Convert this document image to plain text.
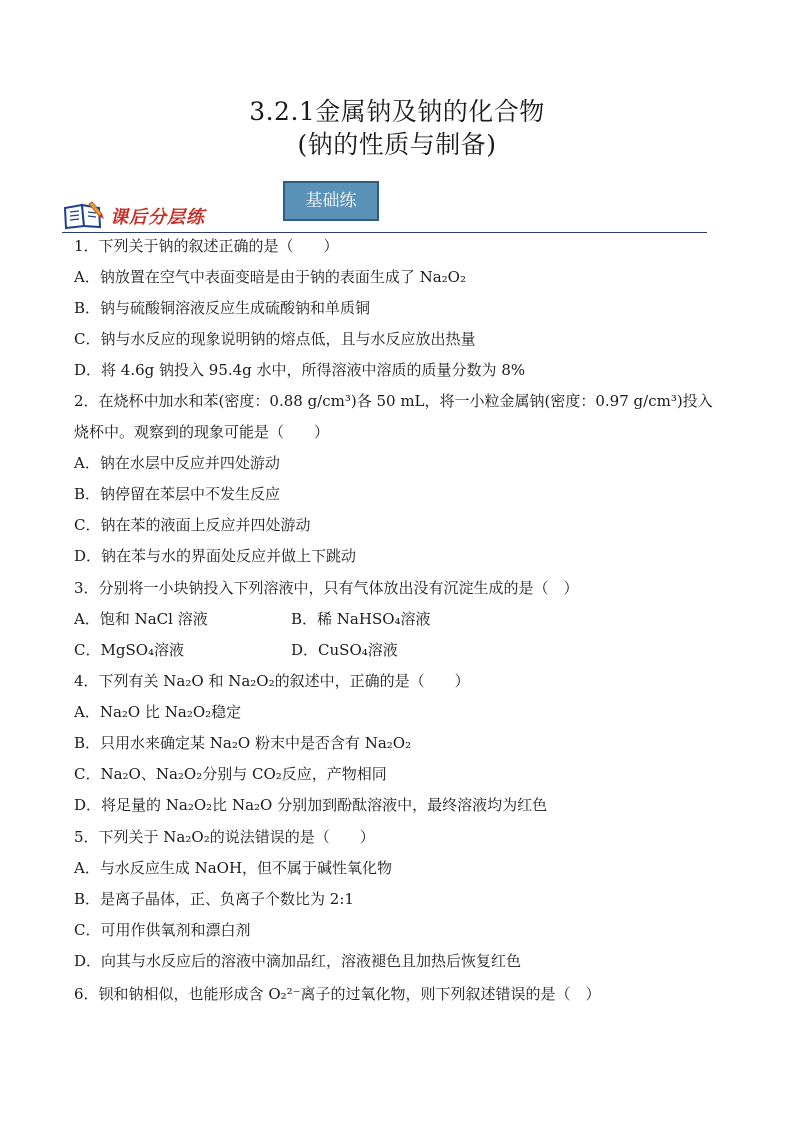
3.2.1金属钠及钠的化合物
(钠的性质与制备)
基础练
课后分层练
1．下列关于钠的叙述正确的是（　　）
A．钠放置在空气中表面变暗是由于钠的表面生成了 Na₂O₂
B．钠与硫酸铜溶液反应生成硫酸钠和单质铜
C．钠与水反应的现象说明钠的熔点低，且与水反应放出热量
D．将 4.6g 钠投入 95.4g 水中，所得溶液中溶质的质量分数为 8%
2．在烧杯中加水和苯(密度：0.88 g/cm³)各 50 mL，将一小粒金属钠(密度：0.97 g/cm³)投入烧杯中。观察到的现象可能是（　　）
A．钠在水层中反应并四处游动
B．钠停留在苯层中不发生反应
C．钠在苯的液面上反应并四处游动
D．钠在苯与水的界面处反应并做上下跳动
3．分别将一小块钠投入下列溶液中，只有气体放出没有沉淀生成的是（　）
A．饱和 NaCl 溶液	B．稀 NaHSO₄溶液
C．MgSO₄溶液	D．CuSO₄溶液
4．下列有关 Na₂O 和 Na₂O₂的叙述中，正确的是（　　）
A．Na₂O 比 Na₂O₂稳定
B．只用水来确定某 Na₂O 粉末中是否含有 Na₂O₂
C．Na₂O、Na₂O₂分别与 CO₂反应，产物相同
D．将足量的 Na₂O₂比 Na₂O 分别加到酚酞溶液中，最终溶液均为红色
5．下列关于 Na₂O₂的说法错误的是（　　）
A．与水反应生成 NaOH，但不属于碱性氧化物
B．是离子晶体，正、负离子个数比为 2:1
C．可用作供氧剂和漂白剂
D．向其与水反应后的溶液中滴加品红，溶液褪色且加热后恢复红色
6．钡和钠相似，也能形成含 O₂²⁻离子的过氧化物，则下列叙述错误的是（　）
